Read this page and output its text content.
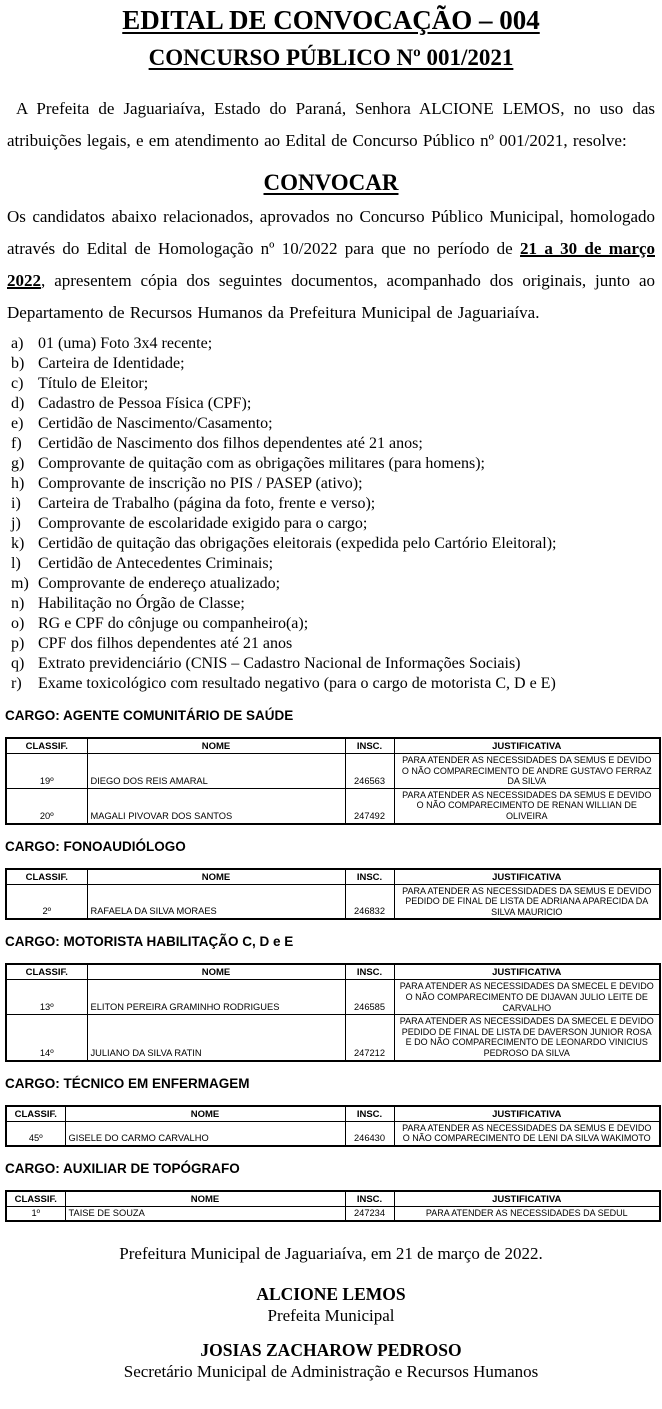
EDITAL DE CONVOCAÇÃO – 004
CONCURSO PÚBLICO Nº 001/2021

A Prefeita de Jaguariaíva, Estado do Paraná, Senhora ALCIONE LEMOS, no uso das atribuições legais, e em atendimento ao Edital de Concurso Público nº 001/2021, resolve:

CONVOCAR

Os candidatos abaixo relacionados, aprovados no Concurso Público Municipal, homologado através do Edital de Homologação nº 10/2022 para que no período de 21 a 30 de março 2022, apresentem cópia dos seguintes documentos, acompanhado dos originais, junto ao Departamento de Recursos Humanos da Prefeitura Municipal de Jaguariaíva.

a) 01 (uma) Foto 3x4 recente;
b) Carteira de Identidade;
c) Título de Eleitor;
d) Cadastro de Pessoa Física (CPF);
e) Certidão de Nascimento/Casamento;
f)	Certidão de Nascimento dos filhos dependentes até 21 anos;
g) Comprovante de quitação com as obrigações militares (para homens);
h) Comprovante de inscrição no PIS / PASEP (ativo);
i)	Carteira de Trabalho (página da foto, frente e verso);
j)	Comprovante de escolaridade exigido para o cargo;
k) Certidão de quitação das obrigações eleitorais (expedida pelo Cartório Eleitoral);
l)	Certidão de Antecedentes Criminais;
m) Comprovante de endereço atualizado;
n) Habilitação no Órgão de Classe;
o) RG e CPF do cônjuge ou companheiro(a);
p) CPF dos filhos dependentes até 21 anos
q) Extrato previdenciário (CNIS – Cadastro Nacional de Informações Sociais)
r)	Exame toxicológico com resultado negativo (para o cargo de motorista C, D e E)
CARGO: AGENTE COMUNITÁRIO DE SAÚDE
CLASSIF.	NOME	INSC.	JUSTIFICATIVA
19º	DIEGO DOS REIS AMARAL	246563	PARA ATENDER AS NECESSIDADES DA SEMUS E DEVIDO O NÃO COMPARECIMENTO DE ANDRE GUSTAVO FERRAZ DA SILVA
20º	MAGALI PIVOVAR DOS SANTOS	247492	PARA ATENDER AS NECESSIDADES DA SEMUS E DEVIDO O NÃO COMPARECIMENTO DE RENAN WILLIAN DE OLIVEIRA
CARGO: FONOAUDIÓLOGO
CLASSIF.	NOME	INSC.	JUSTIFICATIVA
2º	RAFAELA DA SILVA MORAES	246832	PARA ATENDER AS NECESSIDADES DA SEMUS E DEVIDO PEDIDO DE FINAL DE LISTA DE ADRIANA APARECIDA DA SILVA MAURICIO
CARGO: MOTORISTA HABILITAÇÃO C, D e E
CLASSIF.	NOME	INSC.	JUSTIFICATIVA
13º	ELITON PEREIRA GRAMINHO RODRIGUES	246585	PARA ATENDER AS NECESSIDADES DA SMECEL E DEVIDO O NÃO COMPARECIMENTO DE DIJAVAN JULIO LEITE DE CARVALHO
14º	JULIANO DA SILVA RATIN	247212	PARA ATENDER AS NECESSIDADES DA SMECEL E DEVIDO PEDIDO DE FINAL DE LISTA DE DAVERSON JUNIOR ROSA E DO NÃO COMPARECIMENTO DE LEONARDO VINICIUS PEDROSO DA SILVA
CARGO: TÉCNICO EM ENFERMAGEM
CLASSIF.	NOME	INSC.	JUSTIFICATIVA
45º	GISELE DO CARMO CARVALHO	246430	PARA ATENDER AS NECESSIDADES DA SEMUS E DEVIDO O NÃO COMPARECIMENTO DE LENI DA SILVA WAKIMOTO
CARGO: AUXILIAR DE TOPÓGRAFO
CLASSIF.	NOME	INSC.	JUSTIFICATIVA
1º	TAISE DE SOUZA	247234	PARA ATENDER AS NECESSIDADES DA SEDUL

Prefeitura Municipal de Jaguariaíva, em 21 de março de 2022.

ALCIONE LEMOS
Prefeita Municipal
JOSIAS ZACHAROW PEDROSO
Secretário Municipal de Administração e Recursos Humanos
